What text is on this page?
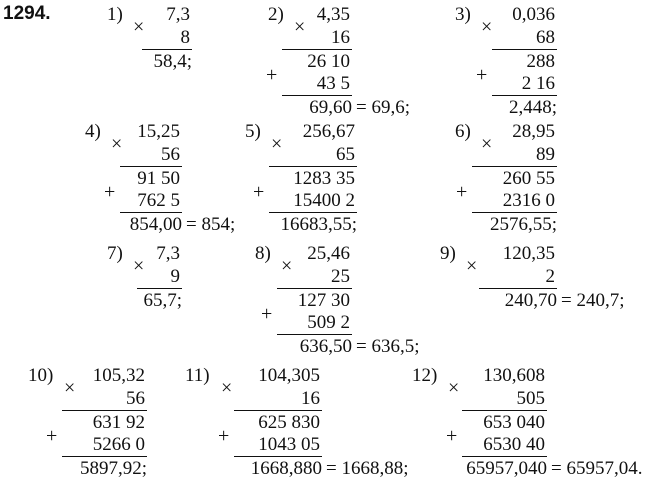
1294.	1)
×
7,3
8
58,4;
2)
×
4,35
16
26 10
43 5
+
69,60 = 69,6;
3)
×
0,036
68
288
2 16
+
2,448;
4)
×
15,25
56
91 50
762 5
+
854,00 = 854;
5)
×
256,67
65
1283 35
15400 2
+
16683,55;
6)
×
28,95
89
260 55
2316 0
+
2576,55;
7)
×
7,3
9
65,7;
8)
×
25,46
25
127 30
509 2
+
636,50 = 636,5;
9)
×
120,35
2
240,70 = 240,7;
10)
×
105,32
56
631 92
5266 0
+
5897,92;
11)
×
104,305
16
625 830
1043 05
+
1668,880 = 1668,88;
12)
×
130,608
505
653 040
6530 40
+
65957,040 = 65957,04.
